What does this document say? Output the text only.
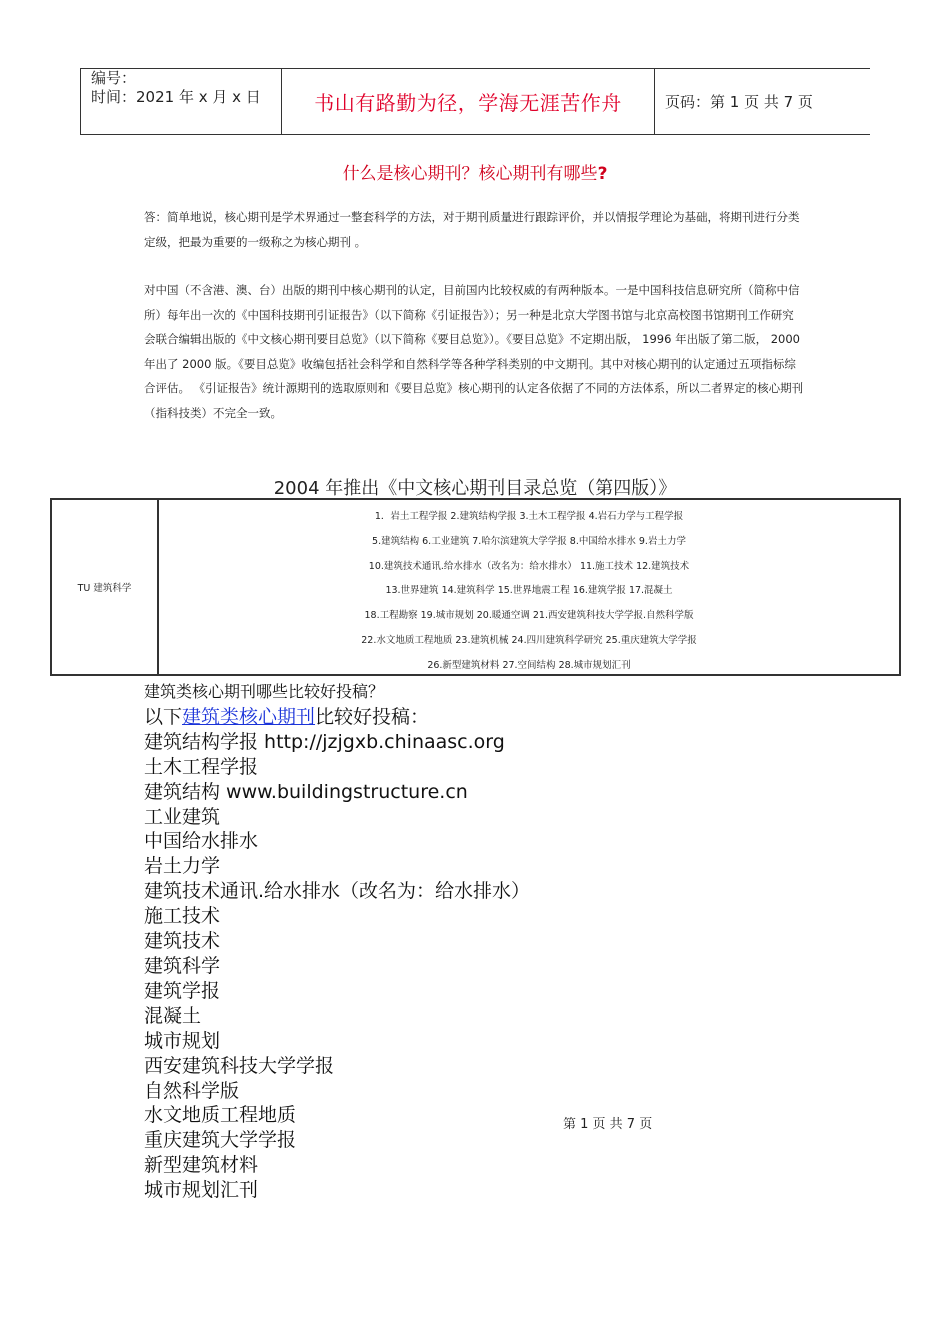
编号：
时间：2021 年 x 月 x 日	书山有路勤为径，学海无涯苦作舟	页码：第 1 页 共 7 页
什么是核心期刊？核心期刊有哪些?
答：简单地说，核心期刊是学术界通过一整套科学的方法，对于期刊质量进行跟踪评价，并以情报学理论为基础，将期刊进行分类定级，把最为重要的一级称之为核心期刊 。
对中国（不含港、澳、台）出版的期刊中核心期刊的认定，目前国内比较权威的有两种版本。一是中国科技信息研究所（简称中信所）每年出一次的《中国科技期刊引证报告》（以下简称《引证报告》）；另一种是北京大学图书馆与北京高校图书馆期刊工作研究会联合编辑出版的《中文核心期刊要目总览》（以下简称《要目总览》）。《要目总览》不定期出版， 1996 年出版了第二版， 2000 年出了 2000 版。《要目总览》收编包括社会科学和自然科学等各种学科类别的中文期刊。其中对核心期刊的认定通过五项指标综合评估。 《引证报告》统计源期刊的选取原则和《要目总览》核心期刊的认定各依据了不同的方法体系，所以二者界定的核心期刊（指科技类）不完全一致。
2004 年推出《中文核心期刊目录总览（第四版）》
TU 建筑科学
1．岩土工程学报 2.建筑结构学报 3.土木工程学报 4.岩石力学与工程学报
5.建筑结构 6.工业建筑 7.哈尔滨建筑大学学报 8.中国给水排水 9.岩土力学
10.建筑技术通讯.给水排水（改名为：给水排水） 11.施工技术 12.建筑技术
13.世界建筑 14.建筑科学 15.世界地震工程 16.建筑学报 17.混凝土
18.工程勘察 19.城市规划 20.暖通空调 21.西安建筑科技大学学报.自然科学版
22.水文地质工程地质 23.建筑机械 24.四川建筑科学研究 25.重庆建筑大学学报
26.新型建筑材料 27.空间结构 28.城市规划汇刊
建筑类核心期刊哪些比较好投稿？
以下建筑类核心期刊比较好投稿：
建筑结构学报 http://jzjgxb.chinaasc.org
土木工程学报
建筑结构 www.buildingstructure.cn
工业建筑
中国给水排水
岩土力学
建筑技术通讯.给水排水（改名为：给水排水）
施工技术
建筑技术
建筑科学
建筑学报
混凝土
城市规划
西安建筑科技大学学报
自然科学版
水文地质工程地质
重庆建筑大学学报
新型建筑材料
城市规划汇刊
第 1 页 共 7 页
